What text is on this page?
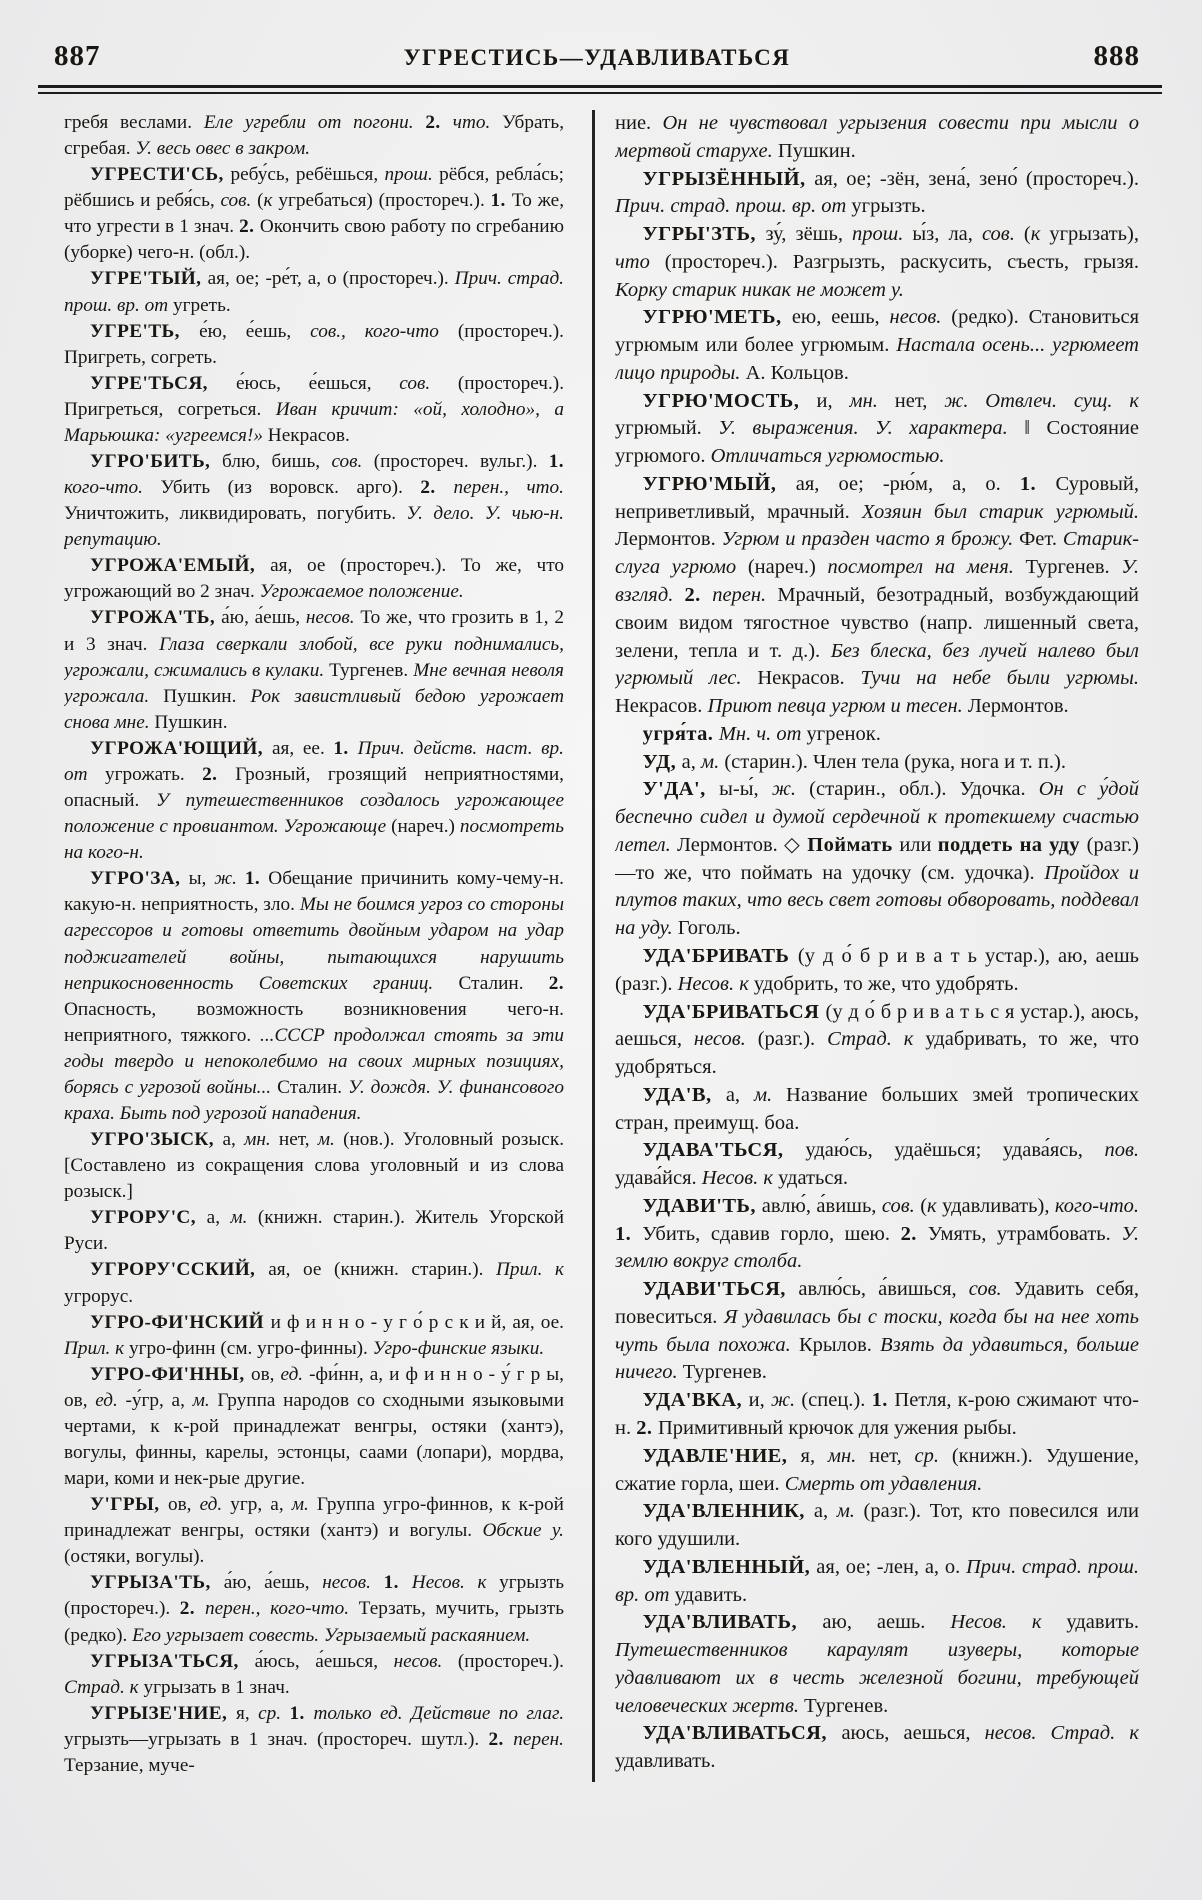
887	УГРЕСТИСЬ—УДАВЛИВАТЬСЯ	888

гребя веслами. Еле угребли от погони. 2. что. Убрать, сгребая. У. весь овес в закром.

УГРЕСТИ'СЬ, ребу́сь, ребёшься, прош. рёбся, ребла́сь; рёбшись и ребя́сь, сов. (к угребаться) (простореч.). 1. То же, что угрести в 1 знач. 2. Окончить свою работу по сгребанию (уборке) чего-н. (обл.).

УГРЕ'ТЫЙ, ая, ое; -ре́т, а, о (простореч.). Прич. страд. прош. вр. от угреть.

УГРЕ'ТЬ, е́ю, е́ешь, сов., кого-что (простореч.). Пригреть, согреть.

УГРЕ'ТЬСЯ, е́юсь, е́ешься, сов. (простореч.). Пригреться, согреться. Иван кричит: «ой, холодно», а Марьюшка: «угреемся!» Некрасов.

УГРО'БИТЬ, блю, бишь, сов. (простореч. вульг.). 1. кого-что. Убить (из воровск. арго). 2. перен., что. Уничтожить, ликвидировать, погубить. У. дело. У. чью-н. репутацию.

УГРОЖА'ЕМЫЙ, ая, ое (простореч.). То же, что угрожающий во 2 знач. Угрожаемое положение.

УГРОЖА'ТЬ, а́ю, а́ешь, несов. То же, что грозить в 1, 2 и 3 знач. Глаза сверкали злобой, все руки поднимались, угрожали, сжимались в кулаки. Тургенев. Мне вечная неволя угрожала. Пушкин. Рок завистливый бедою угрожает снова мне. Пушкин.

УГРОЖА'ЮЩИЙ, ая, ее. 1. Прич. действ. наст. вр. от угрожать. 2. Грозный, грозящий неприятностями, опасный. У путешественников создалось угрожающее положение с провиантом. Угрожающе (нареч.) посмотреть на кого-н.

УГРО'ЗА, ы, ж. 1. Обещание причинить кому-чему-н. какую-н. неприятность, зло. Мы не боимся угроз со стороны агрессоров и готовы ответить двойным ударом на удар поджигателей войны, пытающихся нарушить неприкосновенность Советских границ. Сталин. 2. Опасность, возможность возникновения чего-н. неприятного, тяжкого. ...СССР продолжал стоять за эти годы твердо и непоколебимо на своих мирных позициях, борясь с угрозой войны... Сталин. У. дождя. У. финансового краха. Быть под угрозой нападения.

УГРО'ЗЫСК, а, мн. нет, м. (нов.). Уголовный розыск. [Составлено из сокращения слова уголовный и из слова розыск.]

УГРОРУ'С, а, м. (книжн. старин.). Житель Угорской Руси.

УГРОРУ'ССКИЙ, ая, ое (книжн. старин.). Прил. к угрорус.

УГРО-ФИ'НСКИЙ и ф и н н о - у г о́ р с к и й, ая, ое. Прил. к угро-финн (см. угро-финны). Угро-финские языки.

УГРО-ФИ'ННЫ, ов, ед. -фи́нн, а, и ф и н н о - у́ г р ы, ов, ед. -у́гр, а, м. Группа народов со сходными языковыми чертами, к к-рой принадлежат венгры, остяки (хантэ), вогулы, финны, карелы, эстонцы, саами (лопари), мордва, мари, коми и нек-рые другие.

У'ГРЫ, ов, ед. угр, а, м. Группа угро-финнов, к к-рой принадлежат венгры, остяки (хантэ) и вогулы. Обские у. (остяки, вогулы).

УГРЫЗА'ТЬ, а́ю, а́ешь, несов. 1. Несов. к угрызть (простореч.). 2. перен., кого-что. Терзать, мучить, грызть (редко). Его угрызает совесть. Угрызаемый раскаянием.

УГРЫЗА'ТЬСЯ, а́юсь, а́ешься, несов. (простореч.). Страд. к угрызать в 1 знач.

УГРЫЗЕ'НИЕ, я, ср. 1. только ед. Действие по глаг. угрызть—угрызать в 1 знач. (простореч. шутл.). 2. перен. Терзание, муче-

ние. Он не чувствовал угрызения совести при мысли о мертвой старухе. Пушкин.

УГРЫЗЁННЫЙ, ая, ое; -зён, зена́, зено́ (простореч.). Прич. страд. прош. вр. от угрызть.

УГРЫ'ЗТЬ, зу́, зёшь, прош. ы́з, ла, сов. (к угрызать), что (простореч.). Разгрызть, раскусить, съесть, грызя. Корку старик никак не может у.

УГРЮ'МЕТЬ, ею, еешь, несов. (редко). Становиться угрюмым или более угрюмым. Настала осень... угрюмеет лицо природы. А. Кольцов.

УГРЮ'МОСТЬ, и, мн. нет, ж. Отвлеч. сущ. к угрюмый. У. выражения. У. характера. ‖ Состояние угрюмого. Отличаться угрюмостью.

УГРЮ'МЫЙ, ая, ое; -рю́м, а, о. 1. Суровый, неприветливый, мрачный. Хозяин был старик угрюмый. Лермонтов. Угрюм и празден часто я брожу. Фет. Старик-слуга угрюмо (нареч.) посмотрел на меня. Тургенев. У. взгляд. 2. перен. Мрачный, безотрадный, возбуждающий своим видом тягостное чувство (напр. лишенный света, зелени, тепла и т. д.). Без блеска, без лучей налево был угрюмый лес. Некрасов. Тучи на небе были угрюмы. Некрасов. Приют певца угрюм и тесен. Лермонтов.

угря́та. Мн. ч. от угренок.

УД, а, м. (старин.). Член тела (рука, нога и т. п.).

У'ДА', ы-ы́, ж. (старин., обл.). Удочка. Он с у́дой беспечно сидел и думой сердечной к протекшему счастью летел. Лермонтов. ◇ Поймать или поддеть на уду (разг.)—то же, что поймать на удочку (см. удочка). Пройдох и плутов таких, что весь свет готовы обворовать, поддевал на уду. Гоголь.

УДА'БРИВАТЬ (у д о́ б р и в а т ь устар.), аю, аешь (разг.). Несов. к удобрить, то же, что удобрять.

УДА'БРИВАТЬСЯ (у д о́ б р и в а т ь с я устар.), аюсь, аешься, несов. (разг.). Страд. к удабривать, то же, что удобряться.

УДА'В, а, м. Название больших змей тропических стран, преимущ. боа.

УДАВА'ТЬСЯ, удаю́сь, удаёшься; удава́ясь, пов. удава́йся. Несов. к удаться.

УДАВИ'ТЬ, авлю́, а́вишь, сов. (к удавливать), кого-что. 1. Убить, сдавив горло, шею. 2. Умять, утрамбовать. У. землю вокруг столба.

УДАВИ'ТЬСЯ, авлю́сь, а́вишься, сов. Удавить себя, повеситься. Я удавилась бы с тоски, когда бы на нее хоть чуть была похожа. Крылов. Взять да удавиться, больше ничего. Тургенев.

УДА'ВКА, и, ж. (спец.). 1. Петля, к-рою сжимают что-н. 2. Примитивный крючок для ужения рыбы.

УДАВЛЕ'НИЕ, я, мн. нет, ср. (книжн.). Удушение, сжатие горла, шеи. Смерть от удавления.

УДА'ВЛЕННИК, а, м. (разг.). Тот, кто повесился или кого удушили.

УДА'ВЛЕННЫЙ, ая, ое; -лен, а, о. Прич. страд. прош. вр. от удавить.

УДА'ВЛИВАТЬ, аю, аешь. Несов. к удавить. Путешественников караулят изуверы, которые удавливают их в честь железной богини, требующей человеческих жертв. Тургенев.

УДА'ВЛИВАТЬСЯ, аюсь, аешься, несов. Страд. к удавливать.
